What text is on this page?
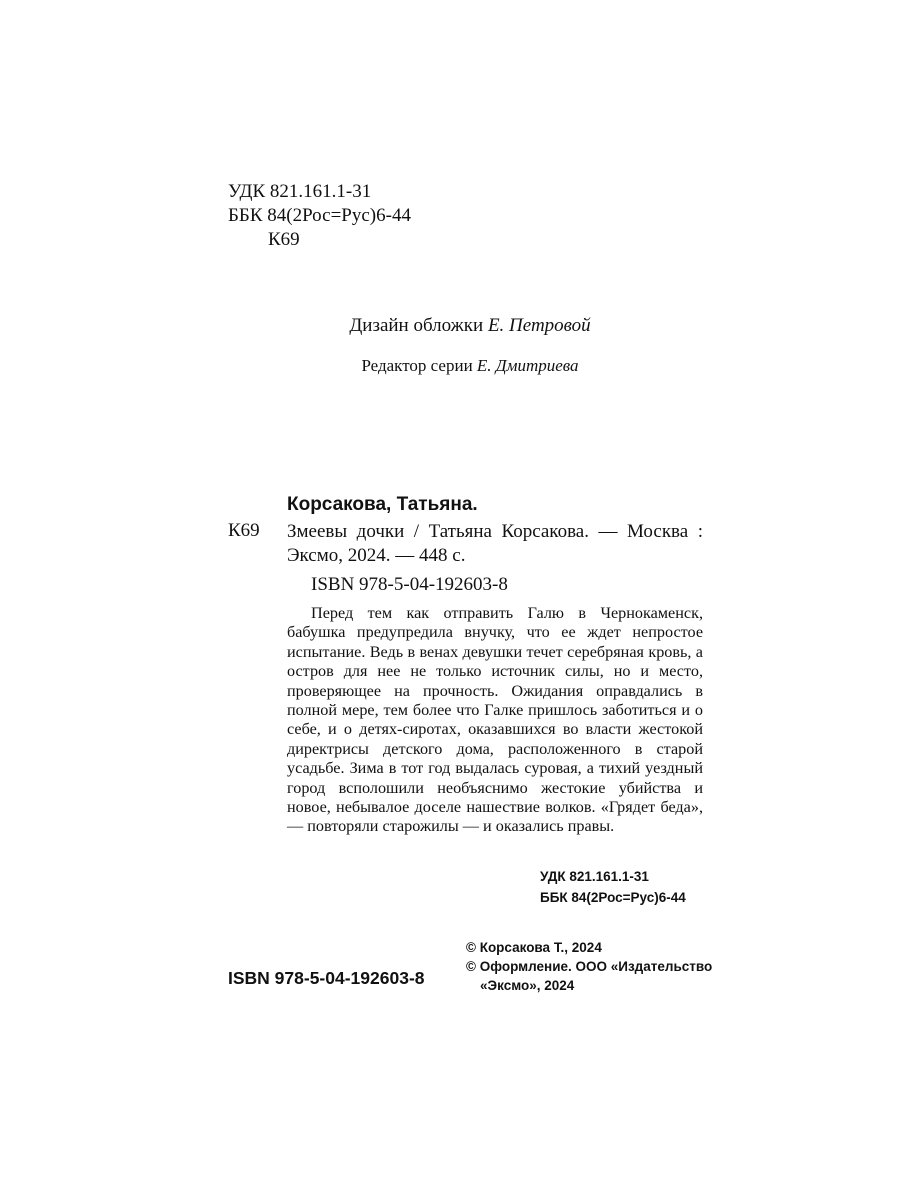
УДК 821.161.1-31
ББК 84(2Рос=Рус)6-44
К69
Дизайн обложки Е. Петровой
Редактор серии Е. Дмитриева
Корсакова, Татьяна.
К69 Змеевы дочки / Татьяна Корсакова. — Москва : Эксмо, 2024. — 448 с.
ISBN 978-5-04-192603-8

Перед тем как отправить Галю в Чернокаменск, бабушка предупредила внучку, что ее ждет непростое испытание. Ведь в венах девушки течет серебряная кровь, а остров для нее не только источник силы, но и место, проверяющее на прочность. Ожидания оправдались в полной мере, тем более что Галке пришлось заботиться и о себе, и о детях-сиротах, оказавшихся во власти жестокой директрисы детского дома, расположенного в старой усадьбе. Зима в тот год выдалась суровая, а тихий уездный город всполошили необъяснимо жестокие убийства и новое, небывалое доселе нашествие волков. «Грядет беда», — повторяли старожилы — и оказались правы.

УДК 821.161.1-31
ББК 84(2Рос=Рус)6-44
ISBN 978-5-04-192603-8
© Корсакова Т., 2024
© Оформление. ООО «Издательство
«Эксмо», 2024
